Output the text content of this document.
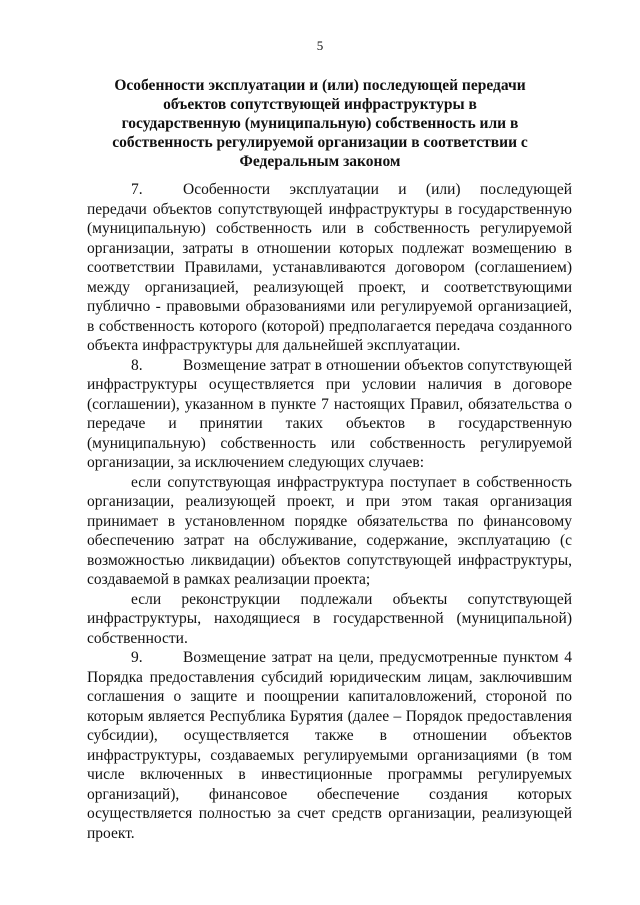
5
Особенности эксплуатации и (или) последующей передачи объектов сопутствующей инфраструктуры в государственную (муниципальную) собственность или в собственность регулируемой организации в соответствии с Федеральным законом

7.	Особенности эксплуатации и (или) последующей передачи объектов сопутствующей инфраструктуры в государственную (муниципальную) собственность или в собственность регулируемой организации, затраты в отношении которых подлежат возмещению в соответствии Правилами, устанавливаются договором (соглашением) между организацией, реализующей проект, и соответствующими публично - правовыми образованиями или регулируемой организацией, в собственность которого (которой) предполагается передача созданного объекта инфраструктуры для дальнейшей эксплуатации.

8.	Возмещение затрат в отношении объектов сопутствующей инфраструктуры осуществляется при условии наличия в договоре (соглашении), указанном в пункте 7 настоящих Правил, обязательства о передаче и принятии таких объектов в государственную (муниципальную) собственность или собственность регулируемой организации, за исключением следующих случаев:

если сопутствующая инфраструктура поступает в собственность организации, реализующей проект, и при этом такая организация принимает в установленном порядке обязательства по финансовому обеспечению затрат на обслуживание, содержание, эксплуатацию (с возможностью ликвидации) объектов сопутствующей инфраструктуры, создаваемой в рамках реализации проекта;

если реконструкции подлежали объекты сопутствующей инфраструктуры, находящиеся в государственной (муниципальной) собственности.

9.	Возмещение затрат на цели, предусмотренные пунктом 4 Порядка предоставления субсидий юридическим лицам, заключившим соглашения о защите и поощрении капиталовложений, стороной по которым является Республика Бурятия (далее – Порядок предоставления субсидии), осуществляется также в отношении объектов инфраструктуры, создаваемых регулируемыми организациями (в том числе включенных в инвестиционные программы регулируемых организаций), финансовое обеспечение создания которых осуществляется полностью за счет средств организации, реализующей проект.
